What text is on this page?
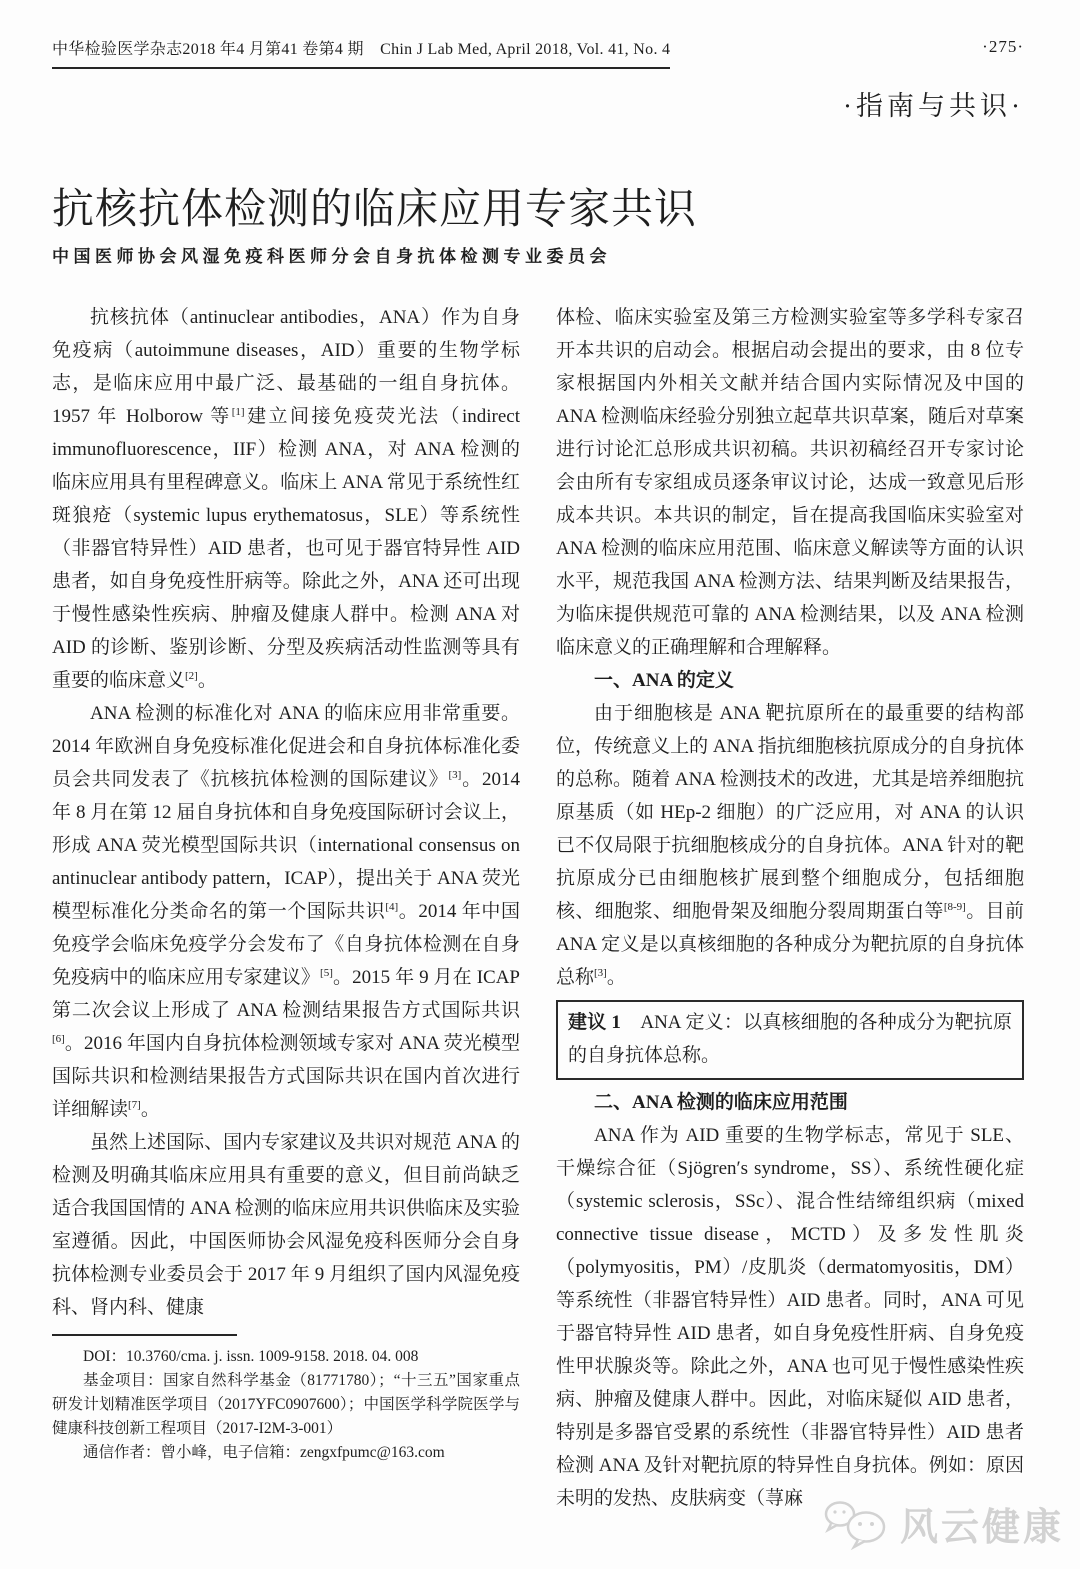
中华检验医学杂志2018 年4 月第41 卷第4 期　Chin J Lab Med, April 2018, Vol. 41, No. 4	·275·
·指南与共识·
抗核抗体检测的临床应用专家共识
中国医师协会风湿免疫科医师分会自身抗体检测专业委员会

抗核抗体（antinuclear antibodies，ANA）作为自身免疫病（autoimmune diseases，AID）重要的生物学标志，是临床应用中最广泛、最基础的一组自身抗体。1957 年 Holborow 等[1]建立间接免疫荧光法（indirect immunofluorescence，IIF）检测 ANA，对 ANA 检测的临床应用具有里程碑意义。临床上 ANA 常见于系统性红斑狼疮（systemic lupus erythematosus，SLE）等系统性（非器官特异性）AID 患者，也可见于器官特异性 AID 患者，如自身免疫性肝病等。除此之外，ANA 还可出现于慢性感染性疾病、肿瘤及健康人群中。检测 ANA 对 AID 的诊断、鉴别诊断、分型及疾病活动性监测等具有重要的临床意义[2]。

ANA 检测的标准化对 ANA 的临床应用非常重要。2014 年欧洲自身免疫标准化促进会和自身抗体标准化委员会共同发表了《抗核抗体检测的国际建议》[3]。2014 年 8 月在第 12 届自身抗体和自身免疫国际研讨会议上，形成 ANA 荧光模型国际共识（international consensus on antinuclear antibody pattern，ICAP），提出关于 ANA 荧光模型标准化分类命名的第一个国际共识[4]。2014 年中国免疫学会临床免疫学分会发布了《自身抗体检测在自身免疫病中的临床应用专家建议》[5]。2015 年 9 月在 ICAP 第二次会议上形成了 ANA 检测结果报告方式国际共识[6]。2016 年国内自身抗体检测领域专家对 ANA 荧光模型国际共识和检测结果报告方式国际共识在国内首次进行详细解读[7]。

虽然上述国际、国内专家建议及共识对规范 ANA 的检测及明确其临床应用具有重要的意义，但目前尚缺乏适合我国国情的 ANA 检测的临床应用共识供临床及实验室遵循。因此，中国医师协会风湿免疫科医师分会自身抗体检测专业委员会于 2017 年 9 月组织了国内风湿免疫科、肾内科、健康

DOI：10.3760/cma. j. issn. 1009-9158. 2018. 04. 008

基金项目：国家自然科学基金（81771780）；“十三五”国家重点研发计划精准医学项目（2017YFC0907600）；中国医学科学院医学与健康科技创新工程项目（2017-I2M-3-001）

通信作者：曾小峰，电子信箱：zengxfpumc@163.com

体检、临床实验室及第三方检测实验室等多学科专家召开本共识的启动会。根据启动会提出的要求，由 8 位专家根据国内外相关文献并结合国内实际情况及中国的 ANA 检测临床经验分别独立起草共识草案，随后对草案进行讨论汇总形成共识初稿。共识初稿经召开专家讨论会由所有专家组成员逐条审议讨论，达成一致意见后形成本共识。本共识的制定，旨在提高我国临床实验室对 ANA 检测的临床应用范围、临床意义解读等方面的认识水平，规范我国 ANA 检测方法、结果判断及结果报告，为临床提供规范可靠的 ANA 检测结果，以及 ANA 检测临床意义的正确理解和合理解释。

一、ANA 的定义

由于细胞核是 ANA 靶抗原所在的最重要的结构部位，传统意义上的 ANA 指抗细胞核抗原成分的自身抗体的总称。随着 ANA 检测技术的改进，尤其是培养细胞抗原基质（如 HEp-2 细胞）的广泛应用，对 ANA 的认识已不仅局限于抗细胞核成分的自身抗体。ANA 针对的靶抗原成分已由细胞核扩展到整个细胞成分，包括细胞核、细胞浆、细胞骨架及细胞分裂周期蛋白等[8-9]。目前 ANA 定义是以真核细胞的各种成分为靶抗原的自身抗体总称[3]。

建议 1　ANA 定义：以真核细胞的各种成分为靶抗原的自身抗体总称。

二、ANA 检测的临床应用范围

ANA 作为 AID 重要的生物学标志，常见于 SLE、干燥综合征（Sjögren′s syndrome，SS）、系统性硬化症（systemic sclerosis，SSc）、混合性结缔组织病（mixed connective tissue disease，MCTD）及多发性肌炎（polymyositis，PM）/皮肌炎（dermatomyositis，DM）等系统性（非器官特异性）AID 患者。同时，ANA 可见于器官特异性 AID 患者，如自身免疫性肝病、自身免疫性甲状腺炎等。除此之外，ANA 也可见于慢性感染性疾病、肿瘤及健康人群中。因此，对临床疑似 AID 患者，特别是多器官受累的系统性（非器官特异性）AID 患者检测 ANA 及针对靶抗原的特异性自身抗体。例如：原因未明的发热、皮肤病变（荨麻

风云健康
